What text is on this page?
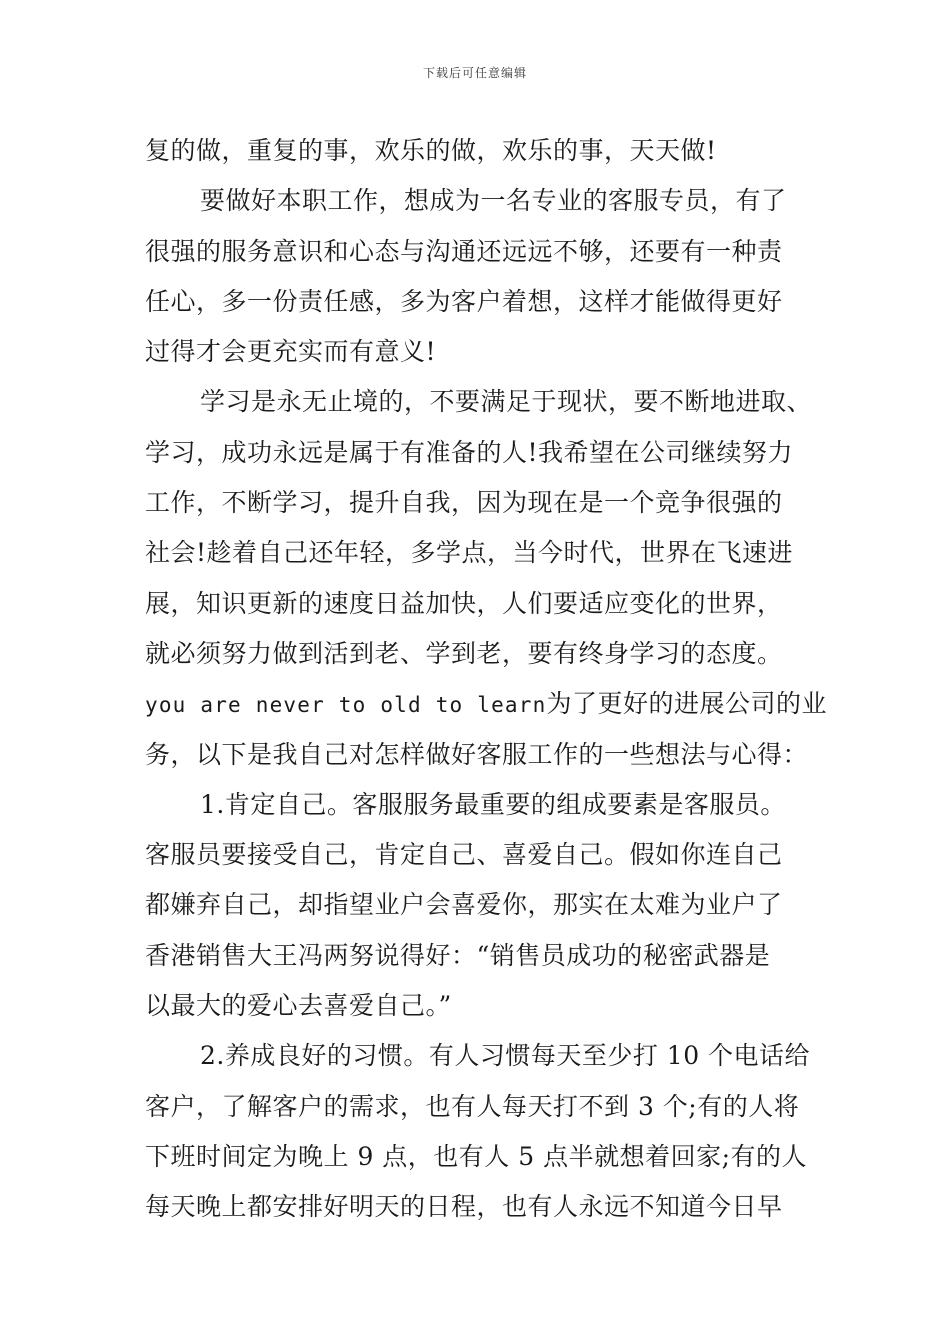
下载后可任意编辑
复的做，重复的事，欢乐的做，欢乐的事，天天做!
要做好本职工作，想成为一名专业的客服专员，有了
很强的服务意识和心态与沟通还远远不够，还要有一种责
任心，多一份责任感，多为客户着想，这样才能做得更好
过得才会更充实而有意义!
学习是永无止境的，不要满足于现状，要不断地进取、
学习，成功永远是属于有准备的人!我希望在公司继续努力
工作，不断学习，提升自我，因为现在是一个竞争很强的
社会!趁着自己还年轻，多学点，当今时代，世界在飞速进
展，知识更新的速度日益加快，人们要适应变化的世界，
就必须努力做到活到老、学到老，要有终身学习的态度。
you are never to old to learn为了更好的进展公司的业
务，以下是我自己对怎样做好客服工作的一些想法与心得：
1.肯定自己。客服服务最重要的组成要素是客服员。
客服员要接受自己，肯定自己、喜爱自己。假如你连自己
都嫌弃自己，却指望业户会喜爱你，那实在太难为业户了
香港销售大王冯两努说得好：“销售员成功的秘密武器是
以最大的爱心去喜爱自己。”
2.养成良好的习惯。有人习惯每天至少打 10 个电话给
客户，了解客户的需求，也有人每天打不到 3 个;有的人将
下班时间定为晚上 9 点，也有人 5 点半就想着回家;有的人
每天晚上都安排好明天的日程，也有人永远不知道今日早
